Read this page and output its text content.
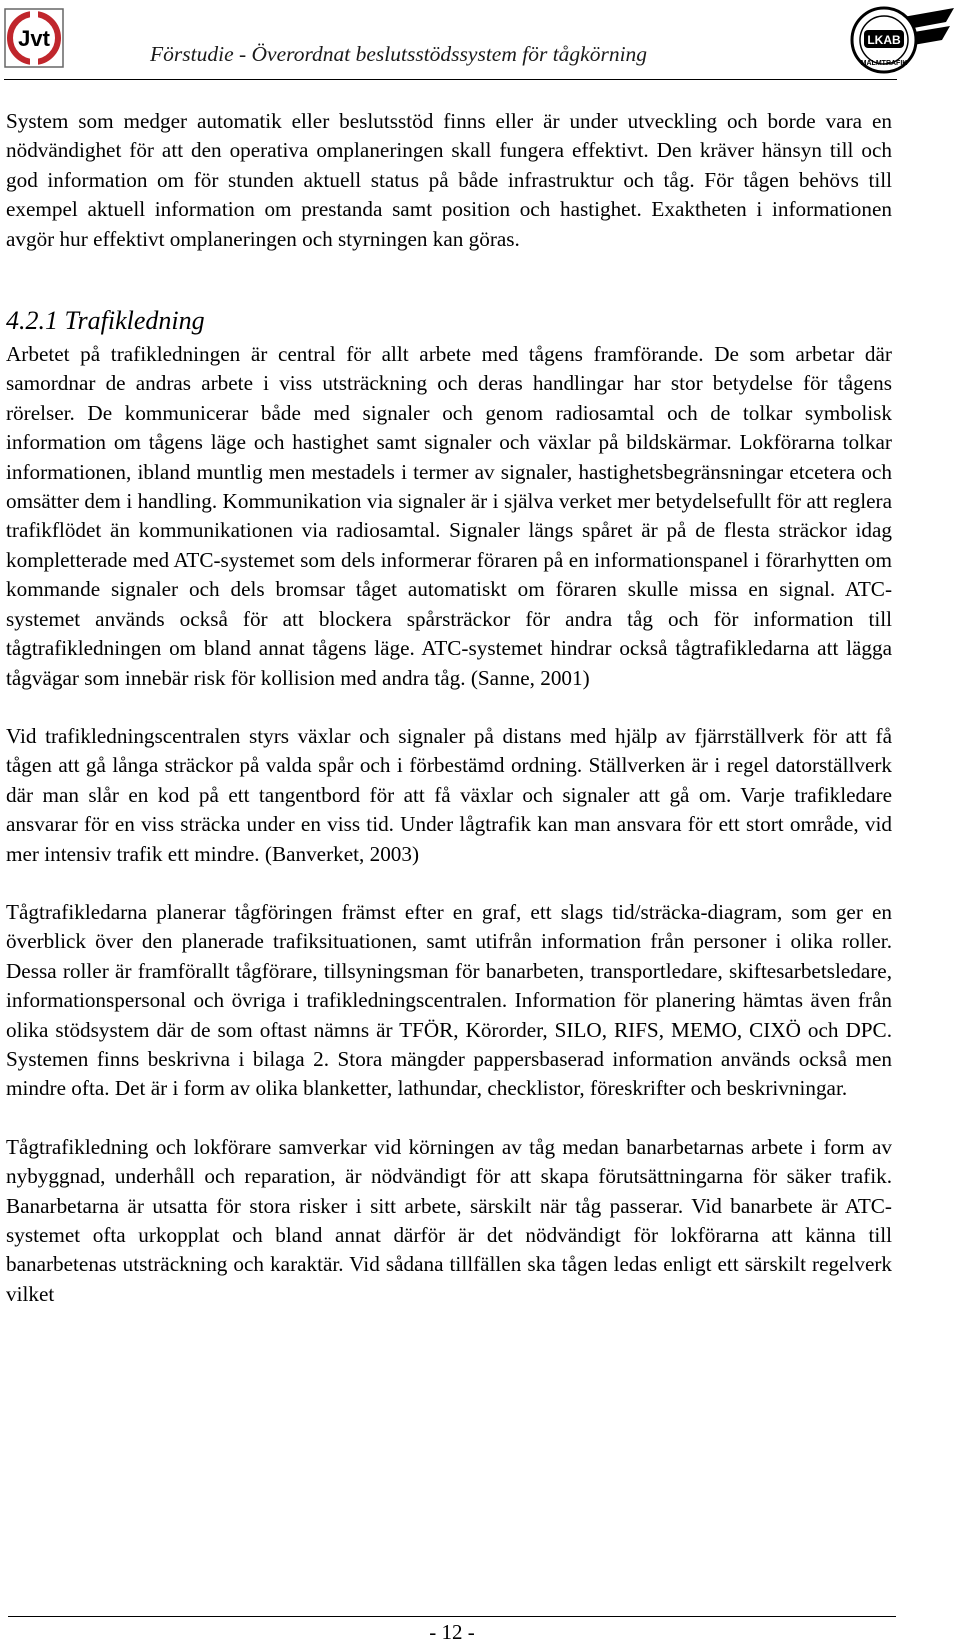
Jvt
Förstudie - Överordnat beslutsstödssystem för tågkörning
LKAB
MALMTRAFIK

System som medger automatik eller beslutsstöd finns eller är under utveckling och borde vara en nödvändighet för att den operativa omplaneringen skall fungera effektivt. Den kräver hänsyn till och god information om för stunden aktuell status på både infrastruktur och tåg. För tågen behövs till exempel aktuell information om prestanda samt position och hastighet. Exaktheten i informationen avgör hur effektivt omplaneringen och styrningen kan göras.

4.2.1 Trafikledning

Arbetet på trafikledningen är central för allt arbete med tågens framförande. De som arbetar där samordnar de andras arbete i viss utsträckning och deras handlingar har stor betydelse för tågens rörelser. De kommunicerar både med signaler och genom radiosamtal och de tolkar symbolisk information om tågens läge och hastighet samt signaler och växlar på bildskärmar. Lokförarna tolkar informationen, ibland muntlig men mestadels i termer av signaler, hastighetsbegränsningar etcetera och omsätter dem i handling. Kommunikation via signaler är i själva verket mer betydelsefullt för att reglera trafikflödet än kommunikationen via radiosamtal. Signaler längs spåret är på de flesta sträckor idag kompletterade med ATC-systemet som dels informerar föraren på en informationspanel i förarhytten om kommande signaler och dels bromsar tåget automatiskt om föraren skulle missa en signal. ATC-systemet används också för att blockera spårsträckor för andra tåg och för information till tågtrafikledningen om bland annat tågens läge. ATC-systemet hindrar också tågtrafikledarna att lägga tågvägar som innebär risk för kollision med andra tåg. (Sanne, 2001)

Vid trafikledningscentralen styrs växlar och signaler på distans med hjälp av fjärrställverk för att få tågen att gå långa sträckor på valda spår och i förbestämd ordning. Ställverken är i regel datorställverk där man slår en kod på ett tangentbord för att få växlar och signaler att gå om. Varje trafikledare ansvarar för en viss sträcka under en viss tid. Under lågtrafik kan man ansvara för ett stort område, vid mer intensiv trafik ett mindre. (Banverket, 2003)

Tågtrafikledarna planerar tågföringen främst efter en graf, ett slags tid/sträcka-diagram, som ger en överblick över den planerade trafiksituationen, samt utifrån information från personer i olika roller. Dessa roller är framförallt tågförare, tillsyningsman för banarbeten, transportledare, skiftesarbetsledare, informationspersonal och övriga i trafikledningscentralen. Information för planering hämtas även från olika stödsystem där de som oftast nämns är TFÖR, Körorder, SILO, RIFS, MEMO, CIXÖ och DPC. Systemen finns beskrivna i bilaga 2. Stora mängder pappersbaserad information används också men mindre ofta. Det är i form av olika blanketter, lathundar, checklistor, föreskrifter och beskrivningar.

Tågtrafikledning och lokförare samverkar vid körningen av tåg medan banarbetarnas arbete i form av nybyggnad, underhåll och reparation, är nödvändigt för att skapa förutsättningarna för säker trafik. Banarbetarna är utsatta för stora risker i sitt arbete, särskilt när tåg passerar. Vid banarbete är ATC-systemet ofta urkopplat och bland annat därför är det nödvändigt för lokförarna att känna till banarbetenas utsträckning och karaktär. Vid sådana tillfällen ska tågen ledas enligt ett särskilt regelverk vilket

- 12 -
